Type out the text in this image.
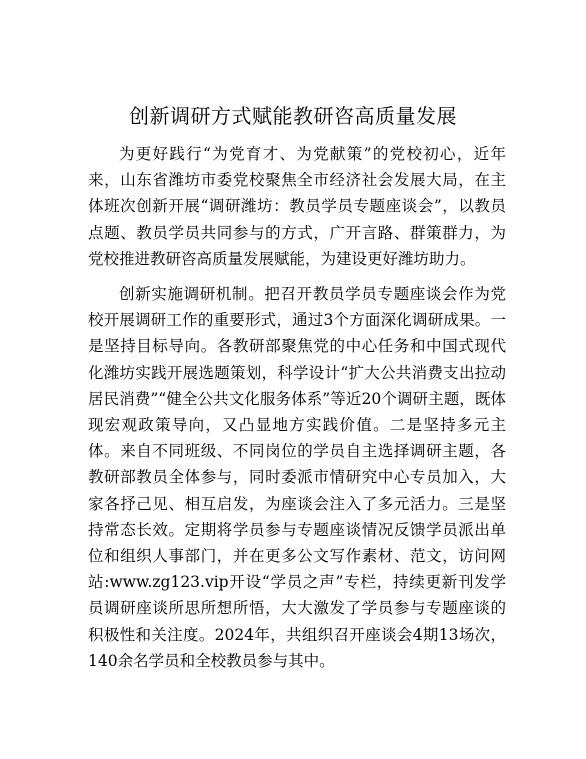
创新调研方式赋能教研咨高质量发展

为更好践行“为党育才、为党献策”的党校初心，近年来，山东省潍坊市委党校聚焦全市经济社会发展大局，在主体班次创新开展“调研潍坊：教员学员专题座谈会”，以教员点题、教员学员共同参与的方式，广开言路、群策群力，为党校推进教研咨高质量发展赋能，为建设更好潍坊助力。

创新实施调研机制。把召开教员学员专题座谈会作为党校开展调研工作的重要形式，通过3个方面深化调研成果。一是坚持目标导向。各教研部聚焦党的中心任务和中国式现代化潍坊实践开展选题策划，科学设计“扩大公共消费支出拉动居民消费”“健全公共文化服务体系”等近20个调研主题，既体现宏观政策导向，又凸显地方实践价值。二是坚持多元主体。来自不同班级、不同岗位的学员自主选择调研主题，各教研部教员全体参与，同时委派市情研究中心专员加入，大家各抒己见、相互启发，为座谈会注入了多元活力。三是坚持常态长效。定期将学员参与专题座谈情况反馈学员派出单位和组织人事部门，并在更多公文写作素材、范文，访问网站:www.zg123.vip开设“学员之声”专栏，持续更新刊发学员调研座谈所思所想所悟，大大激发了学员参与专题座谈的积极性和关注度。2024年，共组织召开座谈会4期13场次，140余名学员和全校教员参与其中。
